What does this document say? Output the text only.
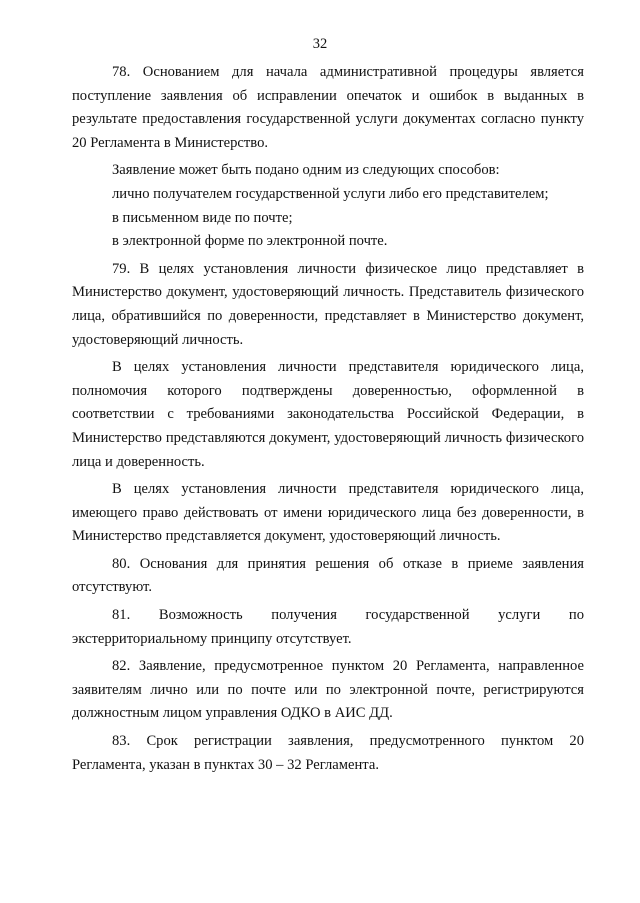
32

78. Основанием для начала административной процедуры является поступление заявления об исправлении опечаток и ошибок в выданных в результате предоставления государственной услуги документах согласно пункту 20 Регламента в Министерство.

Заявление может быть подано одним из следующих способов:

лично получателем государственной услуги либо его представителем;

в письменном виде по почте;

в электронной форме по электронной почте.

79. В целях установления личности физическое лицо представляет в Министерство документ, удостоверяющий личность. Представитель физического лица, обратившийся по доверенности, представляет в Министерство документ, удостоверяющий личность.

В целях установления личности представителя юридического лица, полномочия которого подтверждены доверенностью, оформленной в соответствии с требованиями законодательства Российской Федерации, в Министерство представляются документ, удостоверяющий личность физического лица и доверенность.

В целях установления личности представителя юридического лица, имеющего право действовать от имени юридического лица без доверенности, в Министерство представляется документ, удостоверяющий личность.

80. Основания для принятия решения об отказе в приеме заявления отсутствуют.

81. Возможность получения государственной услуги по экстерриториальному принципу отсутствует.

82. Заявление, предусмотренное пунктом 20 Регламента, направленное заявителям лично или по почте или по электронной почте, регистрируются должностным лицом управления ОДКО в АИС ДД.

83. Срок регистрации заявления, предусмотренного пунктом 20 Регламента, указан в пунктах 30 – 32 Регламента.
